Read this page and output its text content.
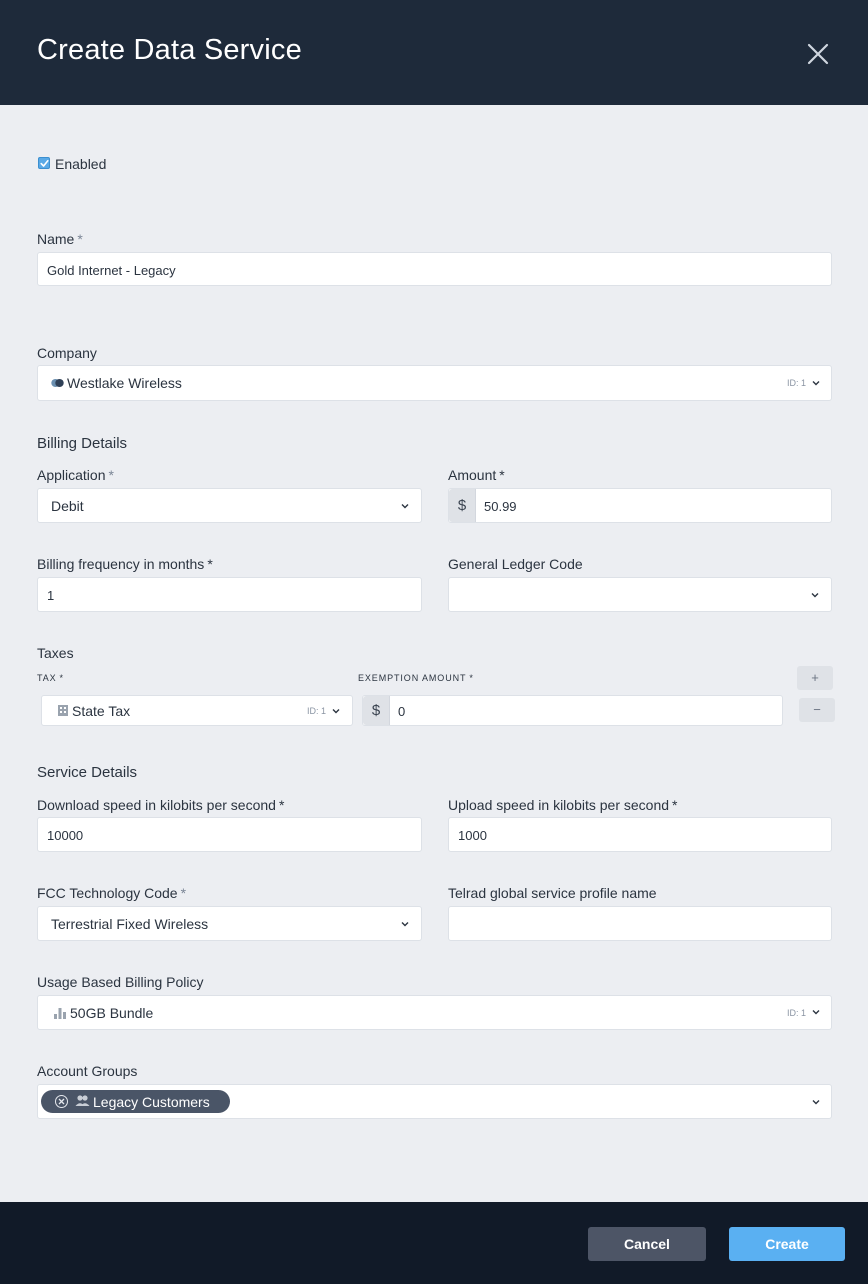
Create Data Service
Enabled
Name *
Gold Internet - Legacy
Company
Westlake Wireless	ID: 1
Billing Details
Application *
Debit
Amount *
$	50.99
Billing frequency in months *
1
General Ledger Code
Taxes
TAX *	EXEMPTION AMOUNT *	+
State Tax	ID: 1	$	0	−
Service Details
Download speed in kilobits per second *
10000
Upload speed in kilobits per second *
1000
FCC Technology Code *
Terrestrial Fixed Wireless
Telrad global service profile name
Usage Based Billing Policy
50GB Bundle	ID: 1
Account Groups
Legacy Customers
Cancel	Create
